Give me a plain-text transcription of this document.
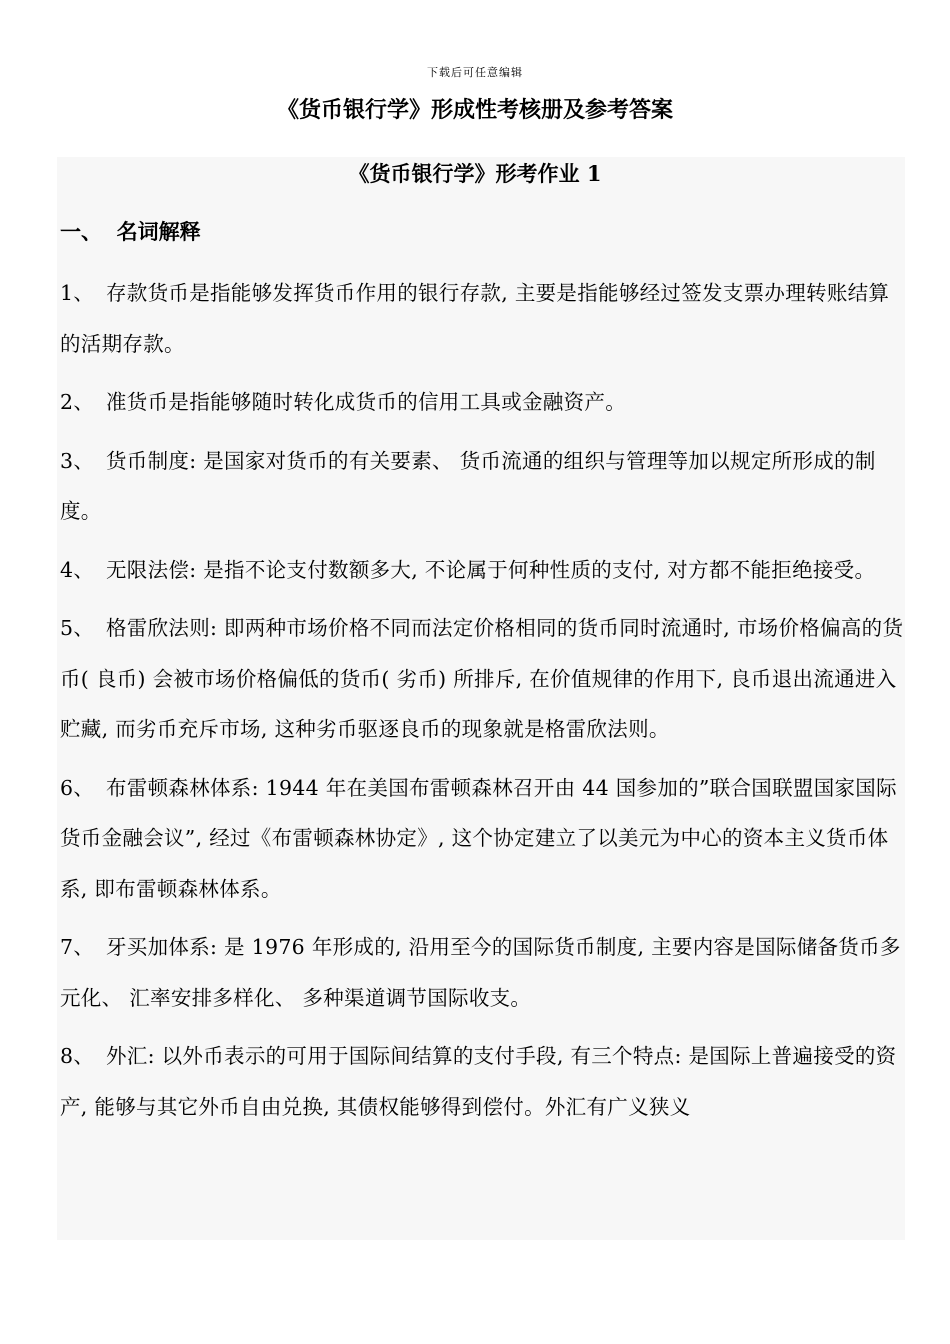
下载后可任意编辑
《货币银行学》形成性考核册及参考答案
《货币银行学》形考作业 1
一、  名词解释

1、 存款货币是指能够发挥货币作用的银行存款, 主要是指能够经过签发支票办理转账结算的活期存款。

2、 准货币是指能够随时转化成货币的信用工具或金融资产。

3、 货币制度: 是国家对货币的有关要素、 货币流通的组织与管理等加以规定所形成的制度。

4、 无限法偿: 是指不论支付数额多大, 不论属于何种性质的支付, 对方都不能拒绝接受。

5、 格雷欣法则: 即两种市场价格不同而法定价格相同的货币同时流通时, 市场价格偏高的货币( 良币) 会被市场价格偏低的货币( 劣币) 所排斥, 在价值规律的作用下, 良币退出流通进入贮藏, 而劣币充斥市场, 这种劣币驱逐良币的现象就是格雷欣法则。

6、 布雷顿森林体系: 1944 年在美国布雷顿森林召开由 44 国参加的”联合国联盟国家国际货币金融会议”, 经过《布雷顿森林协定》, 这个协定建立了以美元为中心的资本主义货币体系, 即布雷顿森林体系。

7、 牙买加体系: 是 1976 年形成的, 沿用至今的国际货币制度, 主要内容是国际储备货币多元化、 汇率安排多样化、 多种渠道调节国际收支。

8、 外汇: 以外币表示的可用于国际间结算的支付手段, 有三个特点: 是国际上普遍接受的资产, 能够与其它外币自由兑换, 其债权能够得到偿付。外汇有广义狭义
